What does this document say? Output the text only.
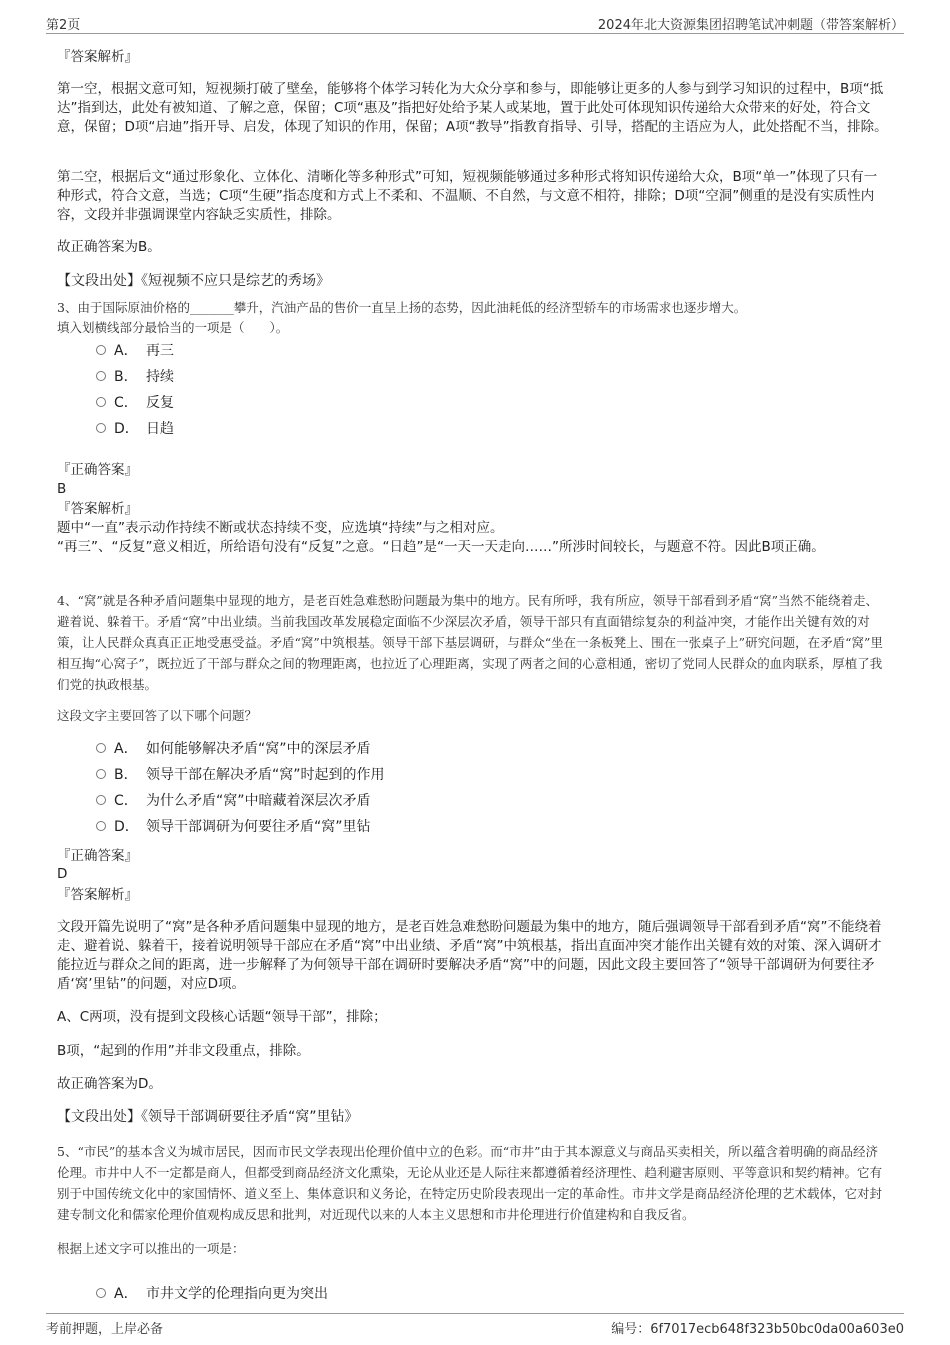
第2页	2024年北大资源集团招聘笔试冲刺题（带答案解析）
『答案解析』
第一空，根据文意可知，短视频打破了壁垒，能够将个体学习转化为大众分享和参与，即能够让更多的人参与到学习知识的过程中，B项“抵达”指到达，此处有被知道、了解之意，保留；C项“惠及”指把好处给予某人或某地，置于此处可体现知识传递给大众带来的好处，符合文意，保留；D项“启迪”指开导、启发，体现了知识的作用，保留；A项“教导”指教育指导、引导，搭配的主语应为人，此处搭配不当，排除。
第二空，根据后文“通过形象化、立体化、清晰化等多种形式”可知，短视频能够通过多种形式将知识传递给大众，B项“单一”体现了只有一种形式，符合文意，当选；C项“生硬”指态度和方式上不柔和、不温顺、不自然，与文意不相符，排除；D项“空洞”侧重的是没有实质性内容，文段并非强调课堂内容缺乏实质性，排除。
故正确答案为B。
【文段出处】《短视频不应只是综艺的秀场》
3、由于国际原油价格的_______攀升，汽油产品的售价一直呈上扬的态势，因此油耗低的经济型轿车的市场需求也逐步增大。
填入划横线部分最恰当的一项是（　　）。
A． 再三
B． 持续
C． 反复
D． 日趋
『正确答案』
B
『答案解析』
题中“一直”表示动作持续不断或状态持续不变，应选填“持续”与之相对应。
“再三”、“反复”意义相近，所给语句没有“反复”之意。“日趋”是“一天一天走向……”所涉时间较长，与题意不符。因此B项正确。
4、“窝”就是各种矛盾问题集中显现的地方，是老百姓急难愁盼问题最为集中的地方。民有所呼，我有所应，领导干部看到矛盾“窝”当然不能绕着走、避着说、躲着干。矛盾“窝”中出业绩。当前我国改革发展稳定面临不少深层次矛盾，领导干部只有直面错综复杂的利益冲突，才能作出关键有效的对策，让人民群众真真正正地受惠受益。矛盾“窝”中筑根基。领导干部下基层调研，与群众“坐在一条板凳上、围在一张桌子上”研究问题，在矛盾“窝”里相互掏“心窝子”，既拉近了干部与群众之间的物理距离，也拉近了心理距离，实现了两者之间的心意相通，密切了党同人民群众的血肉联系，厚植了我们党的执政根基。
这段文字主要回答了以下哪个问题？
A． 如何能够解决矛盾“窝”中的深层矛盾
B． 领导干部在解决矛盾“窝”时起到的作用
C． 为什么矛盾“窝”中暗藏着深层次矛盾
D． 领导干部调研为何要往矛盾“窝”里钻
『正确答案』
D
『答案解析』
文段开篇先说明了“窝”是各种矛盾问题集中显现的地方，是老百姓急难愁盼问题最为集中的地方，随后强调领导干部看到矛盾“窝”不能绕着走、避着说、躲着干，接着说明领导干部应在矛盾“窝”中出业绩、矛盾“窝”中筑根基，指出直面冲突才能作出关键有效的对策、深入调研才能拉近与群众之间的距离，进一步解释了为何领导干部在调研时要解决矛盾“窝”中的问题，因此文段主要回答了“领导干部调研为何要往矛盾‘窝’里钻”的问题，对应D项。
A、C两项，没有提到文段核心话题“领导干部”，排除；
B项，“起到的作用”并非文段重点，排除。
故正确答案为D。
【文段出处】《领导干部调研要往矛盾“窝”里钻》
5、“市民”的基本含义为城市居民，因而市民文学表现出伦理价值中立的色彩。而“市井”由于其本源意义与商品买卖相关，所以蕴含着明确的商品经济伦理。市井中人不一定都是商人，但都受到商品经济文化熏染，无论从业还是人际往来都遵循着经济理性、趋利避害原则、平等意识和契约精神。它有别于中国传统文化中的家国情怀、道义至上、集体意识和义务论，在特定历史阶段表现出一定的革命性。市井文学是商品经济伦理的艺术载体，它对封建专制文化和儒家伦理价值观构成反思和批判，对近现代以来的人本主义思想和市井伦理进行价值建构和自我反省。
根据上述文字可以推出的一项是：
A． 市井文学的伦理指向更为突出
考前押题，上岸必备	编号：6f7017ecb648f323b50bc0da00a603e0
